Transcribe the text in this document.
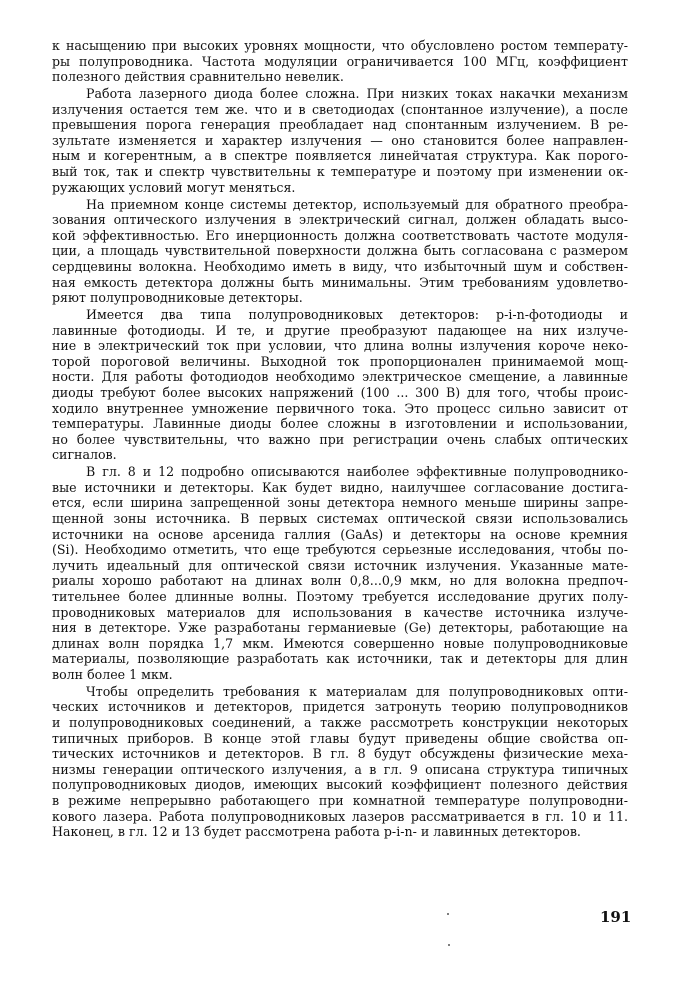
к насыщению при высоких уровнях мощности, что обусловлено ростом температу-
ры полупроводника. Частота модуляции ограничивается 100 МГц, коэффициент
полезного действия сравнительно невелик.
Работа лазерного диода более сложна. При низких токах накачки механизм
излучения остается тем же. что и в светодиодах (спонтанное излучение), а после
превышения порога генерация преобладает над спонтанным излучением. В ре-
зультате изменяется и характер излучения — оно становится более направлен-
ным и когерентным, а в спектре появляется линейчатая структура. Как порого-
вый ток, так и спектр чувствительны к температуре и поэтому при изменении ок-
ружающих условий могут меняться.
На приемном конце системы детектор, используемый для обратного преобра-
зования оптического излучения в электрический сигнал, должен обладать высо-
кой эффективностью. Его инерционность должна соответствовать частоте модуля-
ции, а площадь чувствительной поверхности должна быть согласована с размером
сердцевины волокна. Необходимо иметь в виду, что избыточный шум и собствен-
ная емкость детектора должны быть минимальны. Этим требованиям удовлетво-
ряют полупроводниковые детекторы.
Имеется два типа полупроводниковых детекторов: p-i-n-фотодиоды и
лавинные фотодиоды. И те, и другие преобразуют падающее на них излуче-
ние в электрический ток при условии, что длина волны излучения короче неко-
торой пороговой величины. Выходной ток пропорционален принимаемой мощ-
ности. Для работы фотодиодов необходимо электрическое смещение, а лавинные
диоды требуют более высоких напряжений (100 ... 300 В) для того, чтобы проис-
ходило внутреннее умножение первичного тока. Это процесс сильно зависит от
температуры. Лавинные диоды более сложны в изготовлении и использовании,
но более чувствительны, что важно при регистрации очень слабых оптических
сигналов.
В гл. 8 и 12 подробно описываются наиболее эффективные полупроводнико-
вые источники и детекторы. Как будет видно, наилучшее согласование достига-
ется, если ширина запрещенной зоны детектора немного меньше ширины запре-
щенной зоны источника. В первых системах оптической связи использовались
источники на основе арсенида галлия (GaAs) и детекторы на основе кремния
(Si). Необходимо отметить, что еще требуются серьезные исследования, чтобы по-
лучить идеальный для оптической связи источник излучения. Указанные мате-
риалы хорошо работают на длинах волн 0,8...0,9 мкм, но для волокна предпоч-
тительнее более длинные волны. Поэтому требуется исследование других полу-
проводниковых материалов для использования в качестве источника излуче-
ния в детекторе. Уже разработаны германиевые (Ge) детекторы, работающие на
длинах волн порядка 1,7 мкм. Имеются совершенно новые полупроводниковые
материалы, позволяющие разработать как источники, так и детекторы для длин
волн более 1 мкм.
Чтобы определить требования к материалам для полупроводниковых опти-
ческих источников и детекторов, придется затронуть теорию полупроводников
и полупроводниковых соединений, а также рассмотреть конструкции некоторых
типичных приборов. В конце этой главы будут приведены общие свойства оп-
тических источников и детекторов. В гл. 8 будут обсуждены физические меха-
низмы генерации оптического излучения, а в гл. 9 описана структура типичных
полупроводниковых диодов, имеющих высокий коэффициент полезного действия
в режиме непрерывно работающего при комнатной температуре полупроводни-
кового лазера. Работа полупроводниковых лазеров рассматривается в гл. 10 и 11.
Наконец, в гл. 12 и 13 будет рассмотрена работа p-i-n- и лавинных детекторов.
191
